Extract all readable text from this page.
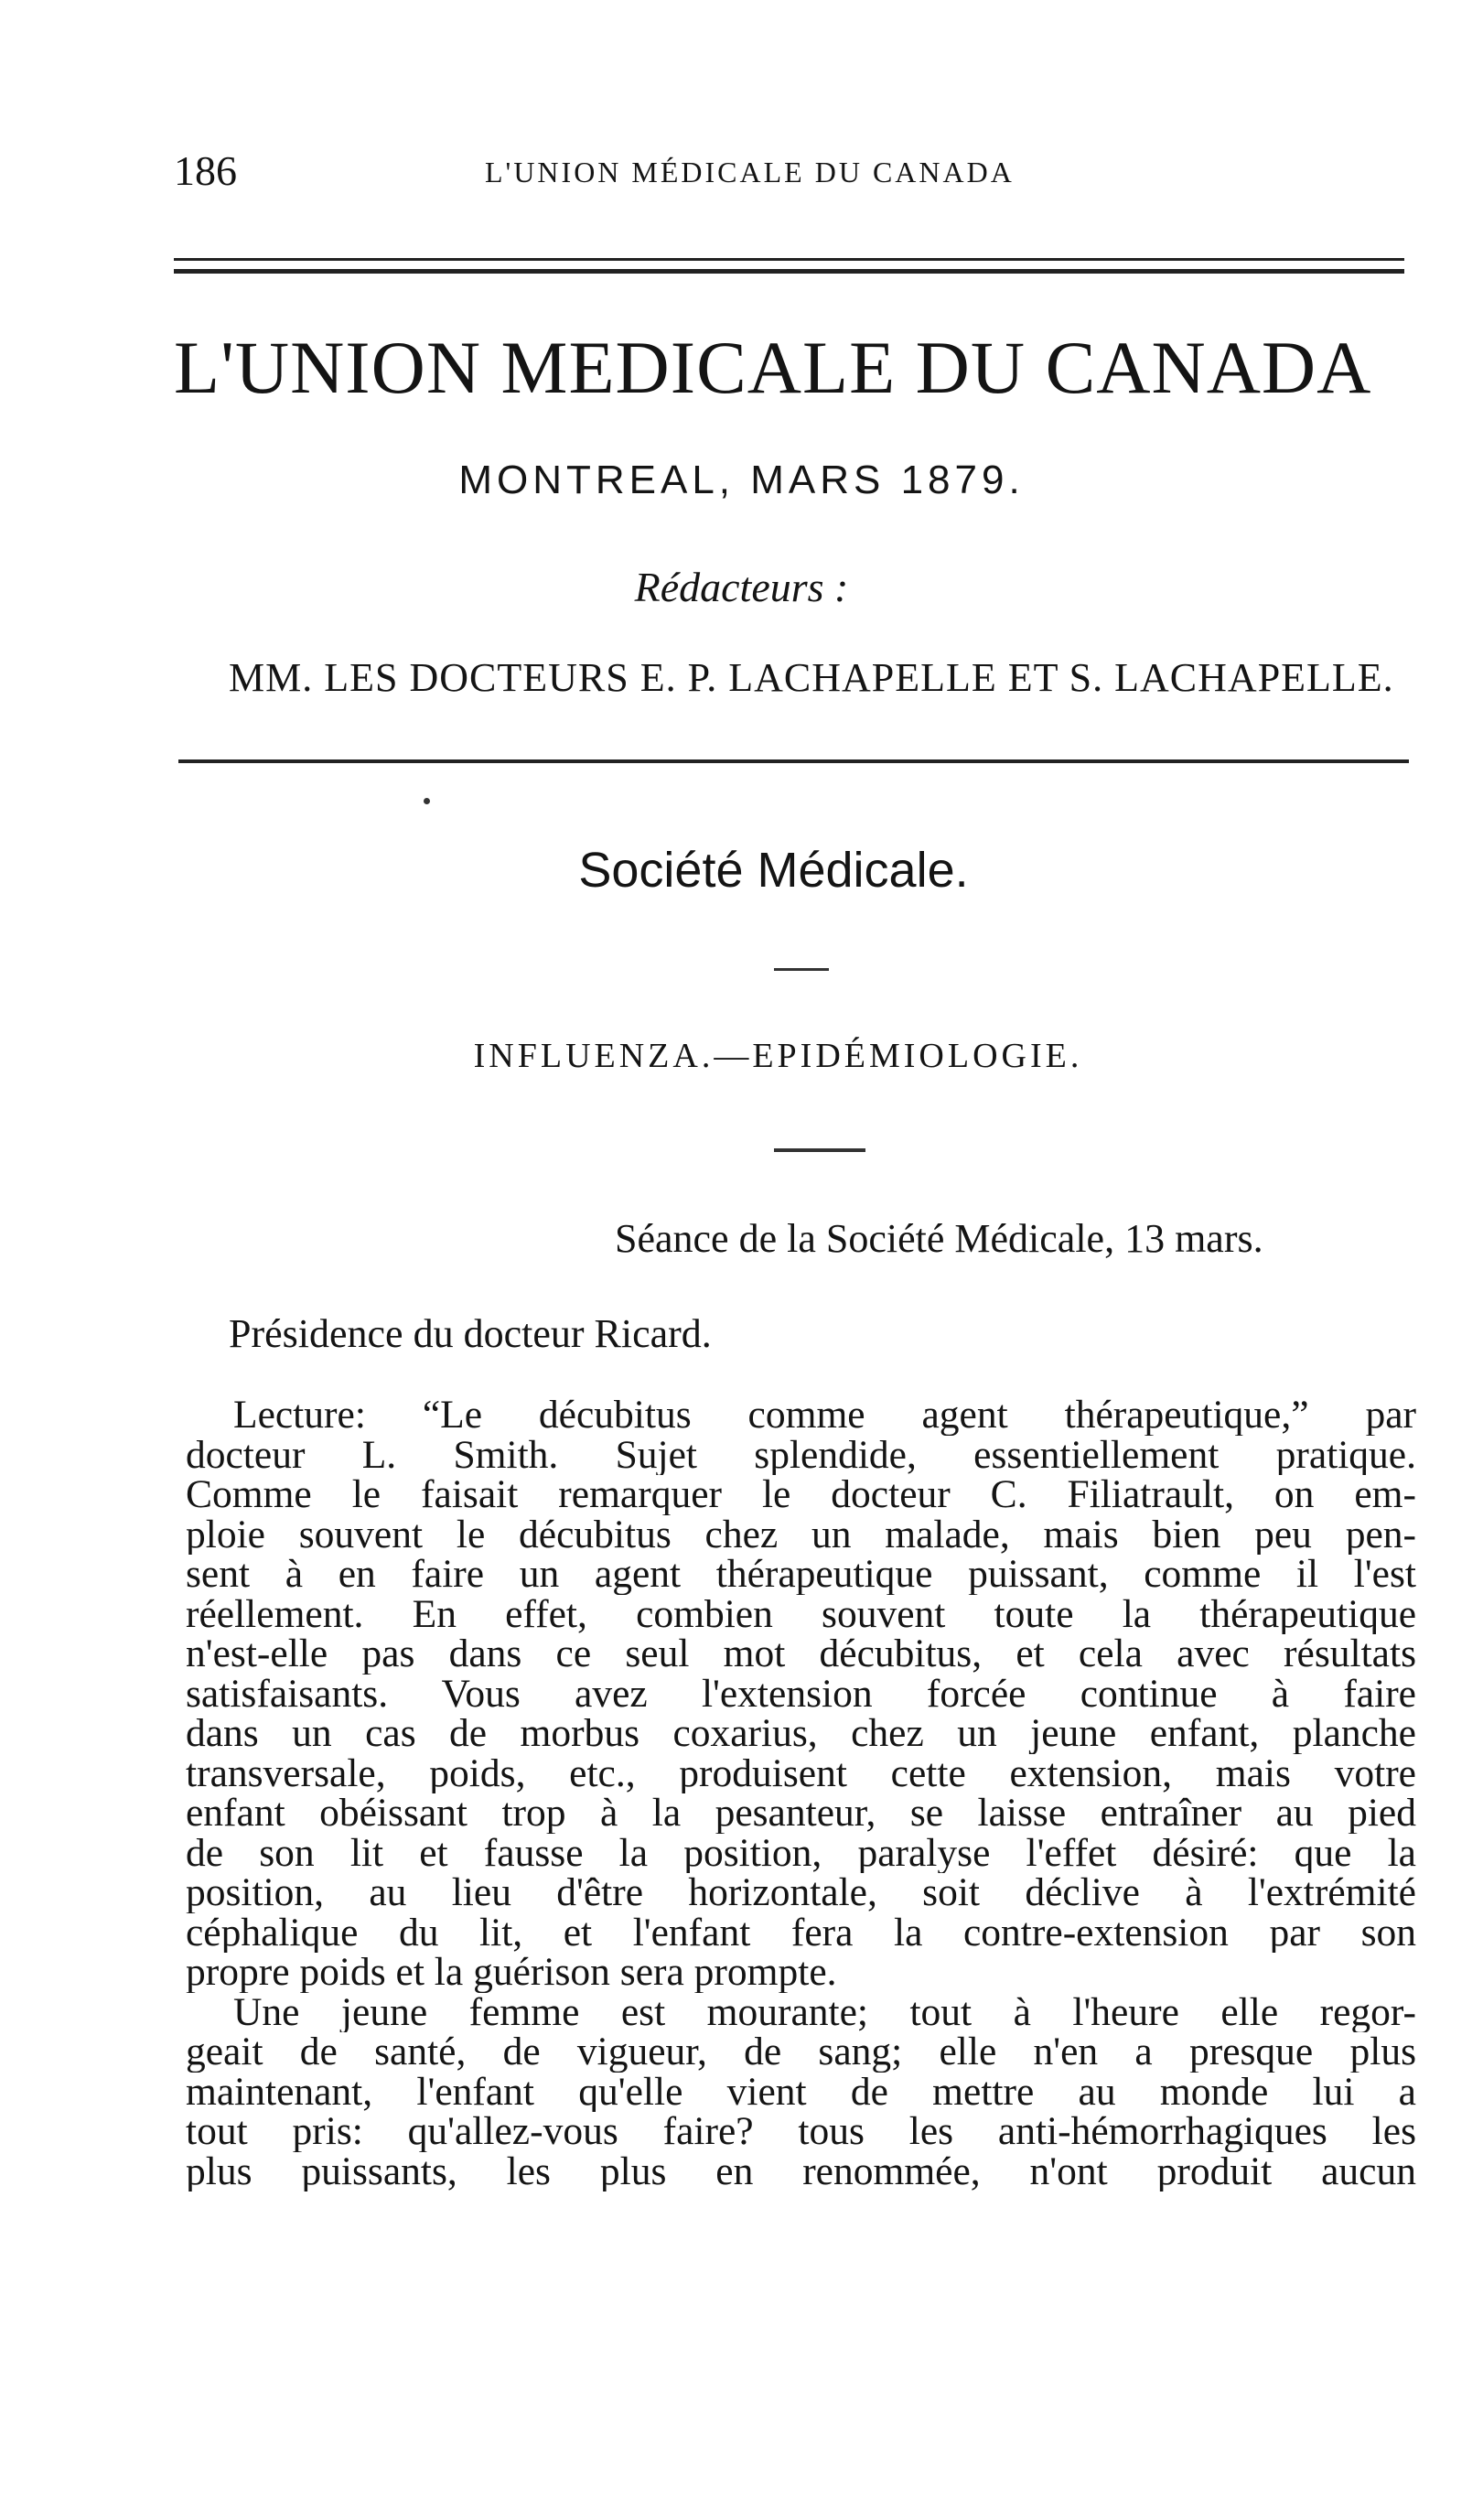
186	L'UNION MÉDICALE DU CANADA
L'UNION MEDICALE DU CANADA
MONTREAL, MARS 1879.
Rédacteurs :
MM. LES DOCTEURS E. P. LACHAPELLE ET S. LACHAPELLE.
Société Médicale.
INFLUENZA.—EPIDÉMIOLOGIE.
Séance de la Société Médicale, 13 mars.
Présidence du docteur Ricard.
Lecture: “Le décubitus comme agent thérapeutique,” par
docteur L. Smith. Sujet splendide, essentiellement pratique.
Comme le faisait remarquer le docteur C. Filiatrault, on em-
ploie souvent le décubitus chez un malade, mais bien peu pen-
sent à en faire un agent thérapeutique puissant, comme il l'est
réellement. En effet, combien souvent toute la thérapeutique
n'est-elle pas dans ce seul mot décubitus, et cela avec résultats
satisfaisants. Vous avez l'extension forcée continue à faire
dans un cas de morbus coxarius, chez un jeune enfant, planche
transversale, poids, etc., produisent cette extension, mais votre
enfant obéissant trop à la pesanteur, se laisse entraîner au pied
de son lit et fausse la position, paralyse l'effet désiré: que la
position, au lieu d'être horizontale, soit déclive à l'extrémité
céphalique du lit, et l'enfant fera la contre-extension par son
propre poids et la guérison sera prompte.
Une jeune femme est mourante; tout à l'heure elle regor-
geait de santé, de vigueur, de sang; elle n'en a presque plus
maintenant, l'enfant qu'elle vient de mettre au monde lui a
tout pris: qu'allez-vous faire? tous les anti-hémorrhagiques les
plus puissants, les plus en renommée, n'ont produit aucun
